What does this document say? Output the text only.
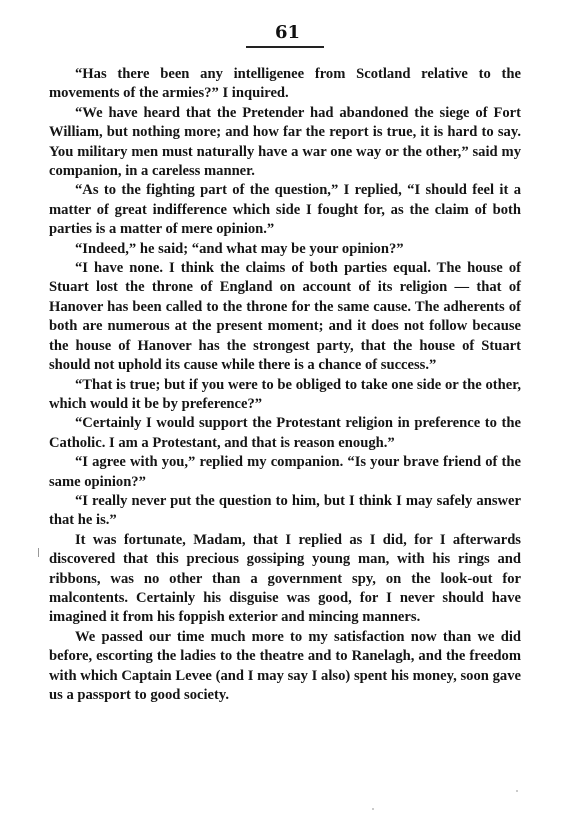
61

“Has there been any intelligenee from Scotland relative to the movements of the armies?” I inquired.

“We have heard that the Pretender had abandoned the siege of Fort William, but nothing more; and how far the report is true, it is hard to say. You military men must naturally have a war one way or the other,” said my companion, in a careless manner.

“As to the fighting part of the question,” I replied, “I should feel it a matter of great indifference which side I fought for, as the claim of both parties is a matter of mere opinion.”

“Indeed,” he said; “and what may be your opinion?”

“I have none. I think the claims of both parties equal. The house of Stuart lost the throne of England on account of its religion — that of Hanover has been called to the throne for the same cause. The adherents of both are numerous at the present moment; and it does not follow because the house of Hanover has the strongest party, that the house of Stuart should not uphold its cause while there is a chance of success.”

“That is true; but if you were to be obliged to take one side or the other, which would it be by preference?”

“Certainly I would support the Protestant religion in preference to the Catholic. I am a Protestant, and that is reason enough.”

“I agree with you,” replied my companion. “Is your brave friend of the same opinion?”

“I really never put the question to him, but I think I may safely answer that he is.”

It was fortunate, Madam, that I replied as I did, for I afterwards discovered that this precious gossiping young man, with his rings and ribbons, was no other than a government spy, on the look-out for malcontents. Certainly his disguise was good, for I never should have imagined it from his foppish exterior and mincing manners.

We passed our time much more to my satisfaction now than we did before, escorting the ladies to the theatre and to Ranelagh, and the freedom with which Captain Levee (and I may say I also) spent his money, soon gave us a passport to good society.
